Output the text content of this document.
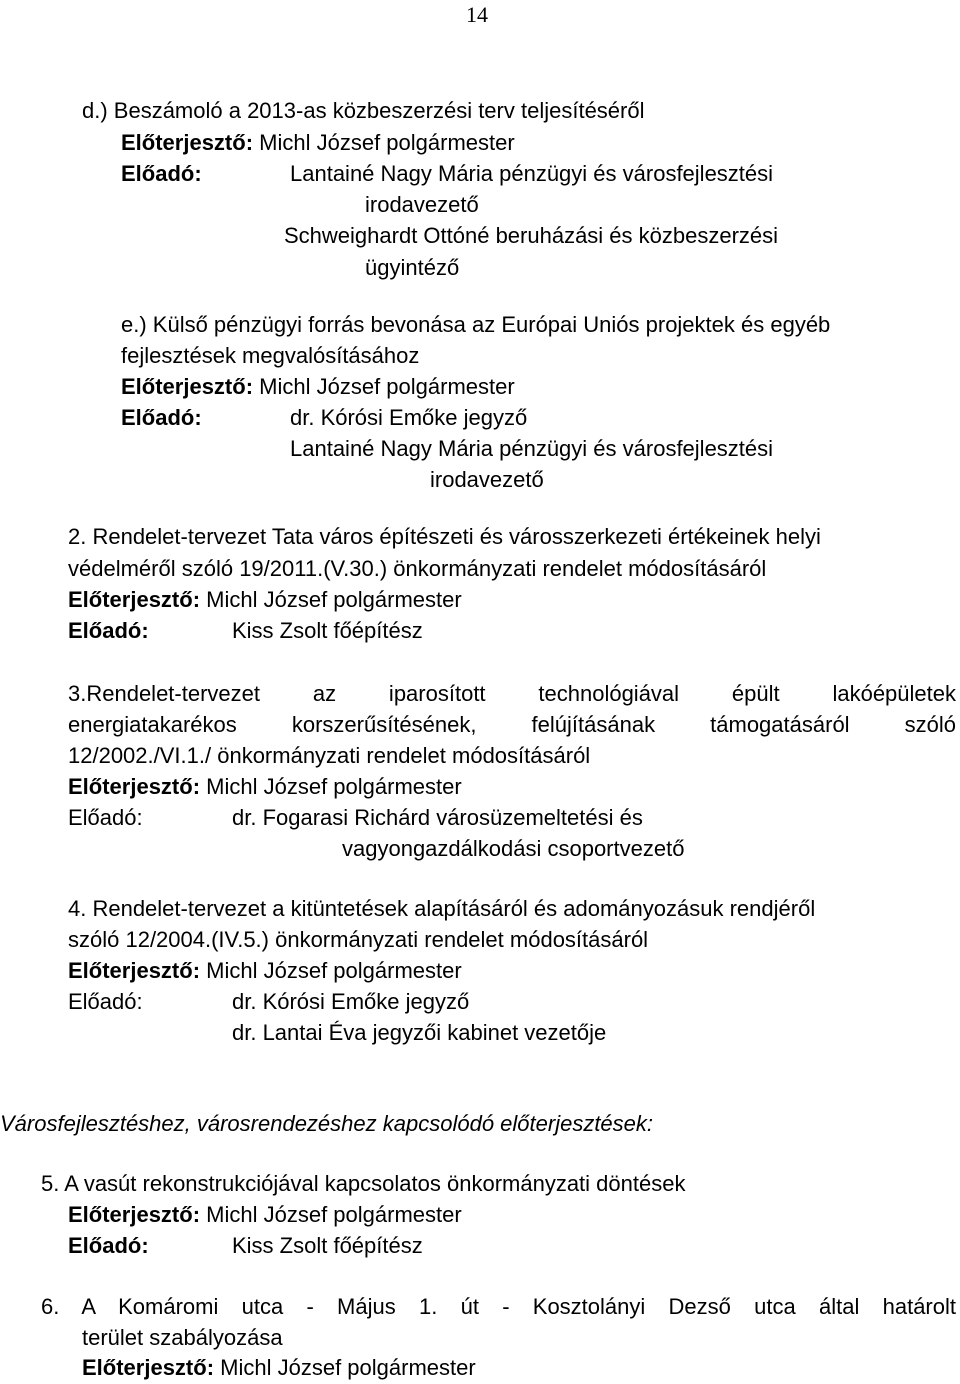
14
d.) Beszámoló a 2013-as közbeszerzési terv teljesítéséről
Előterjesztő: Michl József polgármester
Előadó:	Lantainé Nagy Mária pénzügyi és városfejlesztési
irodavezető
Schweighardt Ottóné beruházási és közbeszerzési
ügyintéző
e.) Külső pénzügyi forrás bevonása az Európai Uniós projektek és egyéb
fejlesztések megvalósításához
Előterjesztő: Michl József polgármester
Előadó:	dr. Kórósi Emőke jegyző
Lantainé Nagy Mária pénzügyi és városfejlesztési
irodavezető
2. Rendelet-tervezet Tata város építészeti és városszerkezeti értékeinek helyi
védelméről szóló 19/2011.(V.30.) önkormányzati rendelet módosításáról
Előterjesztő: Michl József polgármester
Előadó:	Kiss Zsolt főépítész
3.Rendelet-tervezet az iparosított technológiával épült lakóépületek
energiatakarékos korszerűsítésének, felújításának támogatásáról szóló
12/2002./VI.1./ önkormányzati rendelet módosításáról
Előterjesztő: Michl József polgármester
Előadó:	dr. Fogarasi Richárd városüzemeltetési és
vagyongazdálkodási csoportvezető
4. Rendelet-tervezet a kitüntetések alapításáról és adományozásuk rendjéről
szóló 12/2004.(IV.5.) önkormányzati rendelet módosításáról
Előterjesztő: Michl József polgármester
Előadó:	dr. Kórósi Emőke jegyző
dr. Lantai Éva jegyzői kabinet vezetője
Városfejlesztéshez, városrendezéshez kapcsolódó előterjesztések:
5. A vasút rekonstrukciójával kapcsolatos önkormányzati döntések
Előterjesztő: Michl József polgármester
Előadó:	Kiss Zsolt főépítész
6. A Komáromi utca - Május 1. út - Kosztolányi Dezső utca által határolt
terület szabályozása
Előterjesztő: Michl József polgármester
